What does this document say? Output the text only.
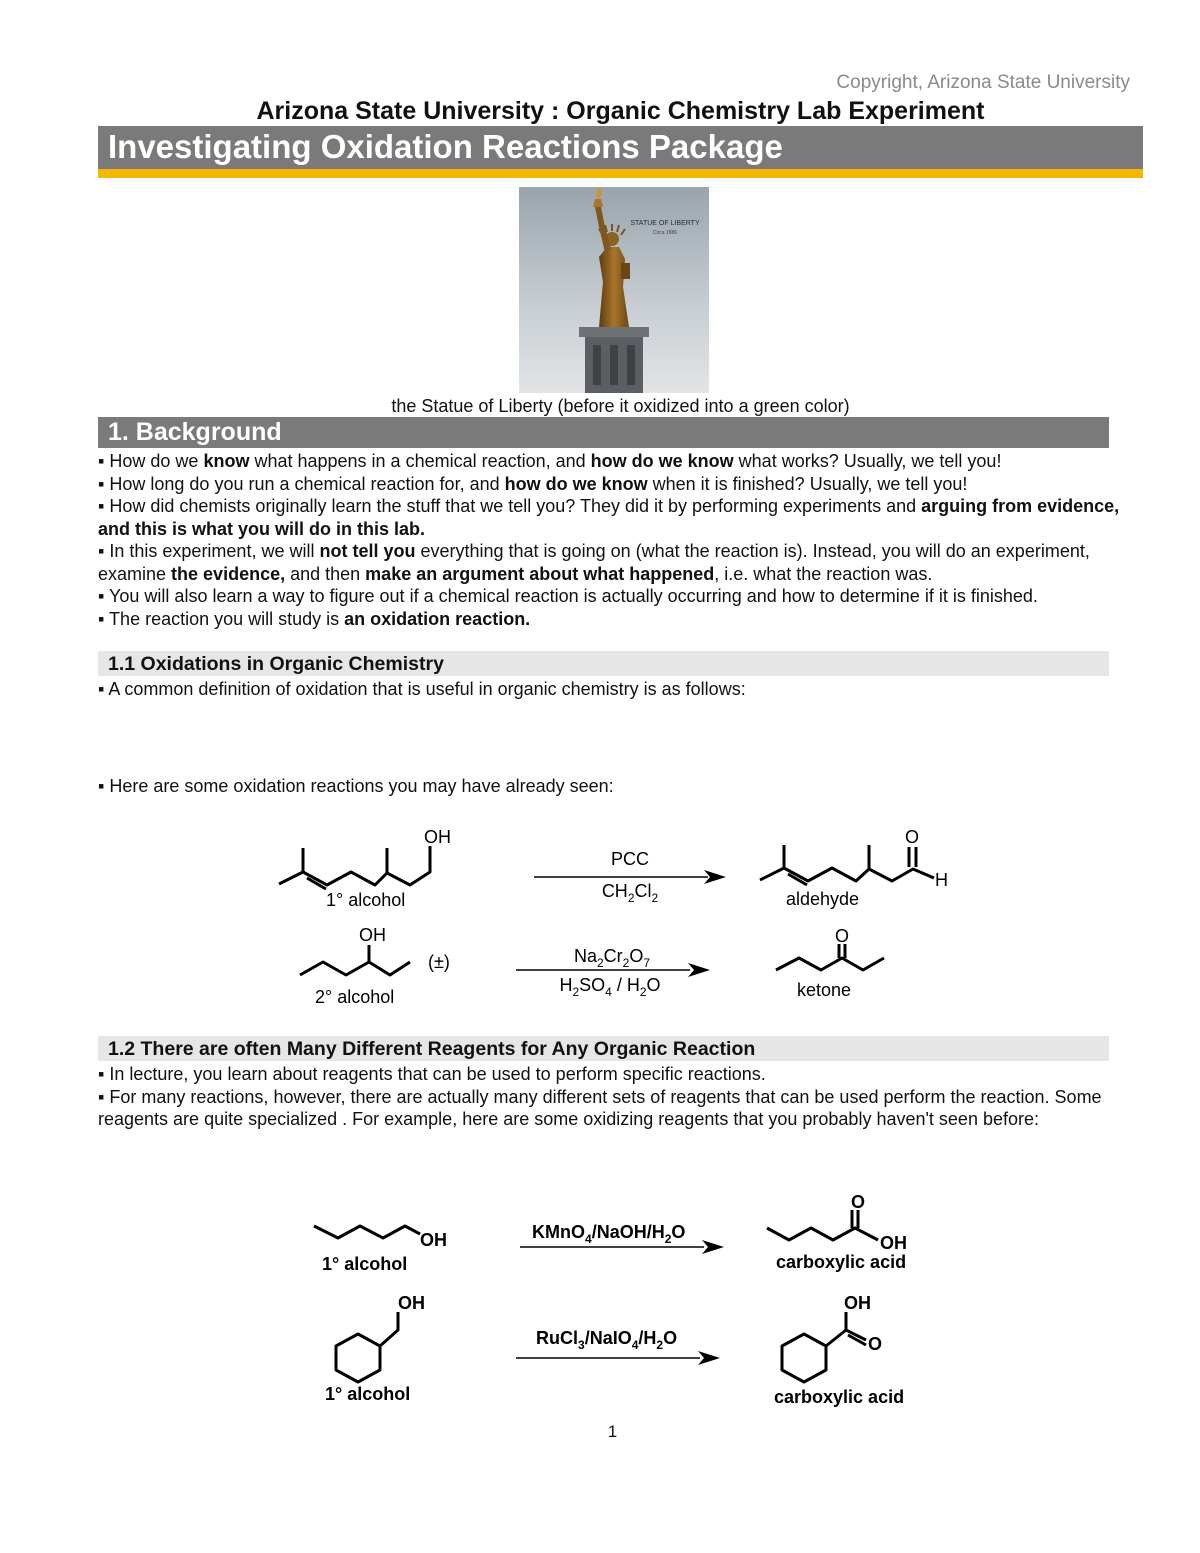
Copyright, Arizona State University
Arizona State University : Organic Chemistry Lab Experiment
Investigating Oxidation Reactions Package
STATUE OF LIBERTY
Circa 1886
the Statue of Liberty (before it oxidized into a green color)
1. Background
▪ How do we know what happens in a chemical reaction, and how do we know what works? Usually, we tell you!
▪ How long do you run a chemical reaction for, and how do we know when it is finished? Usually, we tell you!
▪ How did chemists originally learn the stuff that we tell you? They did it by performing experiments and arguing from evidence, and this is what you will do in this lab.
▪ In this experiment, we will not tell you everything that is going on (what the reaction is). Instead, you will do an experiment, examine the evidence, and then make an argument about what happened, i.e. what the reaction was.
▪ You will also learn a way to figure out if a chemical reaction is actually occurring and how to determine if it is finished.
▪ The reaction you will study is an oxidation reaction.
1.1 Oxidations in Organic Chemistry
▪ A common definition of oxidation that is useful in organic chemistry is as follows:
▪ Here are some oxidation reactions you may have already seen:
OH
1° alcohol
PCC
$CH_2Cl_2$
O
H
aldehyde
OH
(±)
2° alcohol
$Na_2Cr_2O_7$
$H_2SO_4 / H_2O$
O
ketone
1.2 There are often Many Different Reagents for Any Organic Reaction
▪ In lecture, you learn about reagents that can be used to perform specific reactions.
▪ For many reactions, however, there are actually many different sets of reagents that can be used perform the reaction. Some reagents are quite specialized . For example, here are some oxidizing reagents that you probably haven't seen before:
OH
1° alcohol
$KMnO_4/NaOH/H_2O$
O
OH
carboxylic acid
OH
1° alcohol
$RuCl_3/NaIO_4/H_2O$
OH
O
carboxylic acid
1
